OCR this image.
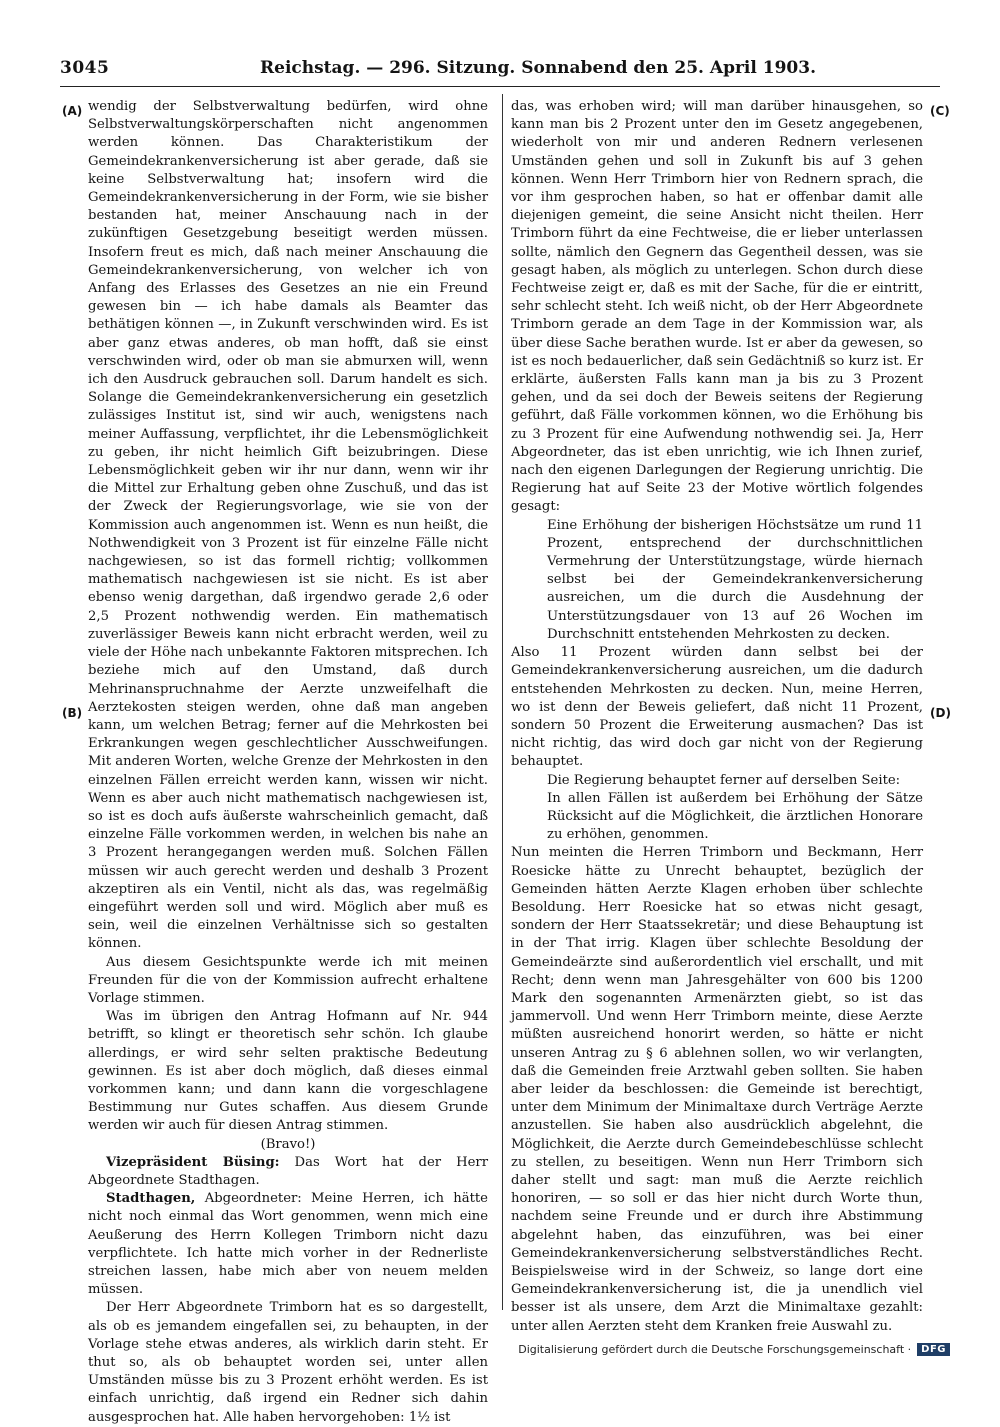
3045	Reichstag. — 296. Sitzung. Sonnabend den 25. April 1903.
(A)
(B)
(C)
(D)

wendig der Selbstverwaltung bedürfen, wird ohne Selbstverwaltungskörperschaften nicht angenommen werden können. Das Charakteristikum der Gemeindekrankenversicherung ist aber gerade, daß sie keine Selbstverwaltung hat; insofern wird die Gemeindekrankenversicherung in der Form, wie sie bisher bestanden hat, meiner Anschauung nach in der zukünftigen Gesetzgebung beseitigt werden müssen. Insofern freut es mich, daß nach meiner Anschauung die Gemeindekrankenversicherung, von welcher ich von Anfang des Erlasses des Gesetzes an nie ein Freund gewesen bin — ich habe damals als Beamter das bethätigen können —, in Zukunft verschwinden wird. Es ist aber ganz etwas anderes, ob man hofft, daß sie einst verschwinden wird, oder ob man sie abmurxen will, wenn ich den Ausdruck gebrauchen soll. Darum handelt es sich. Solange die Gemeindekrankenversicherung ein gesetzlich zulässiges Institut ist, sind wir auch, wenigstens nach meiner Auffassung, verpflichtet, ihr die Lebensmöglichkeit zu geben, ihr nicht heimlich Gift beizubringen. Diese Lebensmöglichkeit geben wir ihr nur dann, wenn wir ihr die Mittel zur Erhaltung geben ohne Zuschuß, und das ist der Zweck der Regierungsvorlage, wie sie von der Kommission auch angenommen ist. Wenn es nun heißt, die Nothwendigkeit von 3 Prozent ist für einzelne Fälle nicht nachgewiesen, so ist das formell richtig; vollkommen mathematisch nachgewiesen ist sie nicht. Es ist aber ebenso wenig dargethan, daß irgendwo gerade 2,6 oder 2,5 Prozent nothwendig werden. Ein mathematisch zuverlässiger Beweis kann nicht erbracht werden, weil zu viele der Höhe nach unbekannte Faktoren mitsprechen. Ich beziehe mich auf den Umstand, daß durch Mehrinanspruchnahme der Aerzte unzweifelhaft die Aerztekosten steigen werden, ohne daß man angeben kann, um welchen Betrag; ferner auf die Mehrkosten bei Erkrankungen wegen geschlechtlicher Ausschweifungen. Mit anderen Worten, welche Grenze der Mehrkosten in den einzelnen Fällen erreicht werden kann, wissen wir nicht. Wenn es aber auch nicht mathematisch nachgewiesen ist, so ist es doch aufs äußerste wahrscheinlich gemacht, daß einzelne Fälle vorkommen werden, in welchen bis nahe an 3 Prozent herangegangen werden muß. Solchen Fällen müssen wir auch gerecht werden und deshalb 3 Prozent akzeptiren als ein Ventil, nicht als das, was regelmäßig eingeführt werden soll und wird. Möglich aber muß es sein, weil die einzelnen Verhältnisse sich so gestalten können.

Aus diesem Gesichtspunkte werde ich mit meinen Freunden für die von der Kommission aufrecht erhaltene Vorlage stimmen.

Was im übrigen den Antrag Hofmann auf Nr. 944 betrifft, so klingt er theoretisch sehr schön. Ich glaube allerdings, er wird sehr selten praktische Bedeutung gewinnen. Es ist aber doch möglich, daß dieses einmal vorkommen kann; und dann kann die vorgeschlagene Bestimmung nur Gutes schaffen. Aus diesem Grunde werden wir auch für diesen Antrag stimmen.

(Bravo!)

Vizepräsident Büsing: Das Wort hat der Herr Abgeordnete Stadthagen.

Stadthagen, Abgeordneter: Meine Herren, ich hätte nicht noch einmal das Wort genommen, wenn mich eine Aeußerung des Herrn Kollegen Trimborn nicht dazu verpflichtete. Ich hatte mich vorher in der Rednerliste streichen lassen, habe mich aber von neuem melden müssen.

Der Herr Abgeordnete Trimborn hat es so dargestellt, als ob es jemandem eingefallen sei, zu behaupten, in der Vorlage stehe etwas anderes, als wirklich darin steht. Er thut so, als ob behauptet worden sei, unter allen Umständen müsse bis zu 3 Prozent erhöht werden. Es ist einfach unrichtig, daß irgend ein Redner sich dahin ausgesprochen hat. Alle haben hervorgehoben: 1½ ist

das, was erhoben wird; will man darüber hinausgehen, so kann man bis 2 Prozent unter den im Gesetz angegebenen, wiederholt von mir und anderen Rednern verlesenen Umständen gehen und soll in Zukunft bis auf 3 gehen können. Wenn Herr Trimborn hier von Rednern sprach, die vor ihm gesprochen haben, so hat er offenbar damit alle diejenigen gemeint, die seine Ansicht nicht theilen. Herr Trimborn führt da eine Fechtweise, die er lieber unterlassen sollte, nämlich den Gegnern das Gegentheil dessen, was sie gesagt haben, als möglich zu unterlegen. Schon durch diese Fechtweise zeigt er, daß es mit der Sache, für die er eintritt, sehr schlecht steht. Ich weiß nicht, ob der Herr Abgeordnete Trimborn gerade an dem Tage in der Kommission war, als über diese Sache berathen wurde. Ist er aber da gewesen, so ist es noch bedauerlicher, daß sein Gedächtniß so kurz ist. Er erklärte, äußersten Falls kann man ja bis zu 3 Prozent gehen, und da sei doch der Beweis seitens der Regierung geführt, daß Fälle vorkommen können, wo die Erhöhung bis zu 3 Prozent für eine Aufwendung nothwendig sei. Ja, Herr Abgeordneter, das ist eben unrichtig, wie ich Ihnen zurief, nach den eigenen Darlegungen der Regierung unrichtig. Die Regierung hat auf Seite 23 der Motive wörtlich folgendes gesagt:

Eine Erhöhung der bisherigen Höchstsätze um rund 11 Prozent, entsprechend der durchschnittlichen Vermehrung der Unterstützungstage, würde hiernach selbst bei der Gemeindekrankenversicherung ausreichen, um die durch die Ausdehnung der Unterstützungsdauer von 13 auf 26 Wochen im Durchschnitt entstehenden Mehrkosten zu decken.

Also 11 Prozent würden dann selbst bei der Gemeindekrankenversicherung ausreichen, um die dadurch entstehenden Mehrkosten zu decken. Nun, meine Herren, wo ist denn der Beweis geliefert, daß nicht 11 Prozent, sondern 50 Prozent die Erweiterung ausmachen? Das ist nicht richtig, das wird doch gar nicht von der Regierung behauptet.

Die Regierung behauptet ferner auf derselben Seite:

In allen Fällen ist außerdem bei Erhöhung der Sätze Rücksicht auf die Möglichkeit, die ärztlichen Honorare zu erhöhen, genommen.

Nun meinten die Herren Trimborn und Beckmann, Herr Roesicke hätte zu Unrecht behauptet, bezüglich der Gemeinden hätten Aerzte Klagen erhoben über schlechte Besoldung. Herr Roesicke hat so etwas nicht gesagt, sondern der Herr Staatssekretär; und diese Behauptung ist in der That irrig. Klagen über schlechte Besoldung der Gemeindeärzte sind außerordentlich viel erschallt, und mit Recht; denn wenn man Jahresgehälter von 600 bis 1200 Mark den sogenannten Armenärzten giebt, so ist das jammervoll. Und wenn Herr Trimborn meinte, diese Aerzte müßten ausreichend honorirt werden, so hätte er nicht unseren Antrag zu § 6 ablehnen sollen, wo wir verlangten, daß die Gemeinden freie Arztwahl geben sollten. Sie haben aber leider da beschlossen: die Gemeinde ist berechtigt, unter dem Minimum der Minimaltaxe durch Verträge Aerzte anzustellen. Sie haben also ausdrücklich abgelehnt, die Möglichkeit, die Aerzte durch Gemeindebeschlüsse schlecht zu stellen, zu beseitigen. Wenn nun Herr Trimborn sich daher stellt und sagt: man muß die Aerzte reichlich honoriren, — so soll er das hier nicht durch Worte thun, nachdem seine Freunde und er durch ihre Abstimmung abgelehnt haben, das einzuführen, was bei einer Gemeindekrankenversicherung selbstverständliches Recht. Beispielsweise wird in der Schweiz, so lange dort eine Gemeindekrankenversicherung ist, die ja unendlich viel besser ist als unsere, dem Arzt die Minimaltaxe gezahlt: unter allen Aerzten steht dem Kranken freie Auswahl zu.

Digitalisierung gefördert durch die Deutsche Forschungsgemeinschaft ·	DFG
